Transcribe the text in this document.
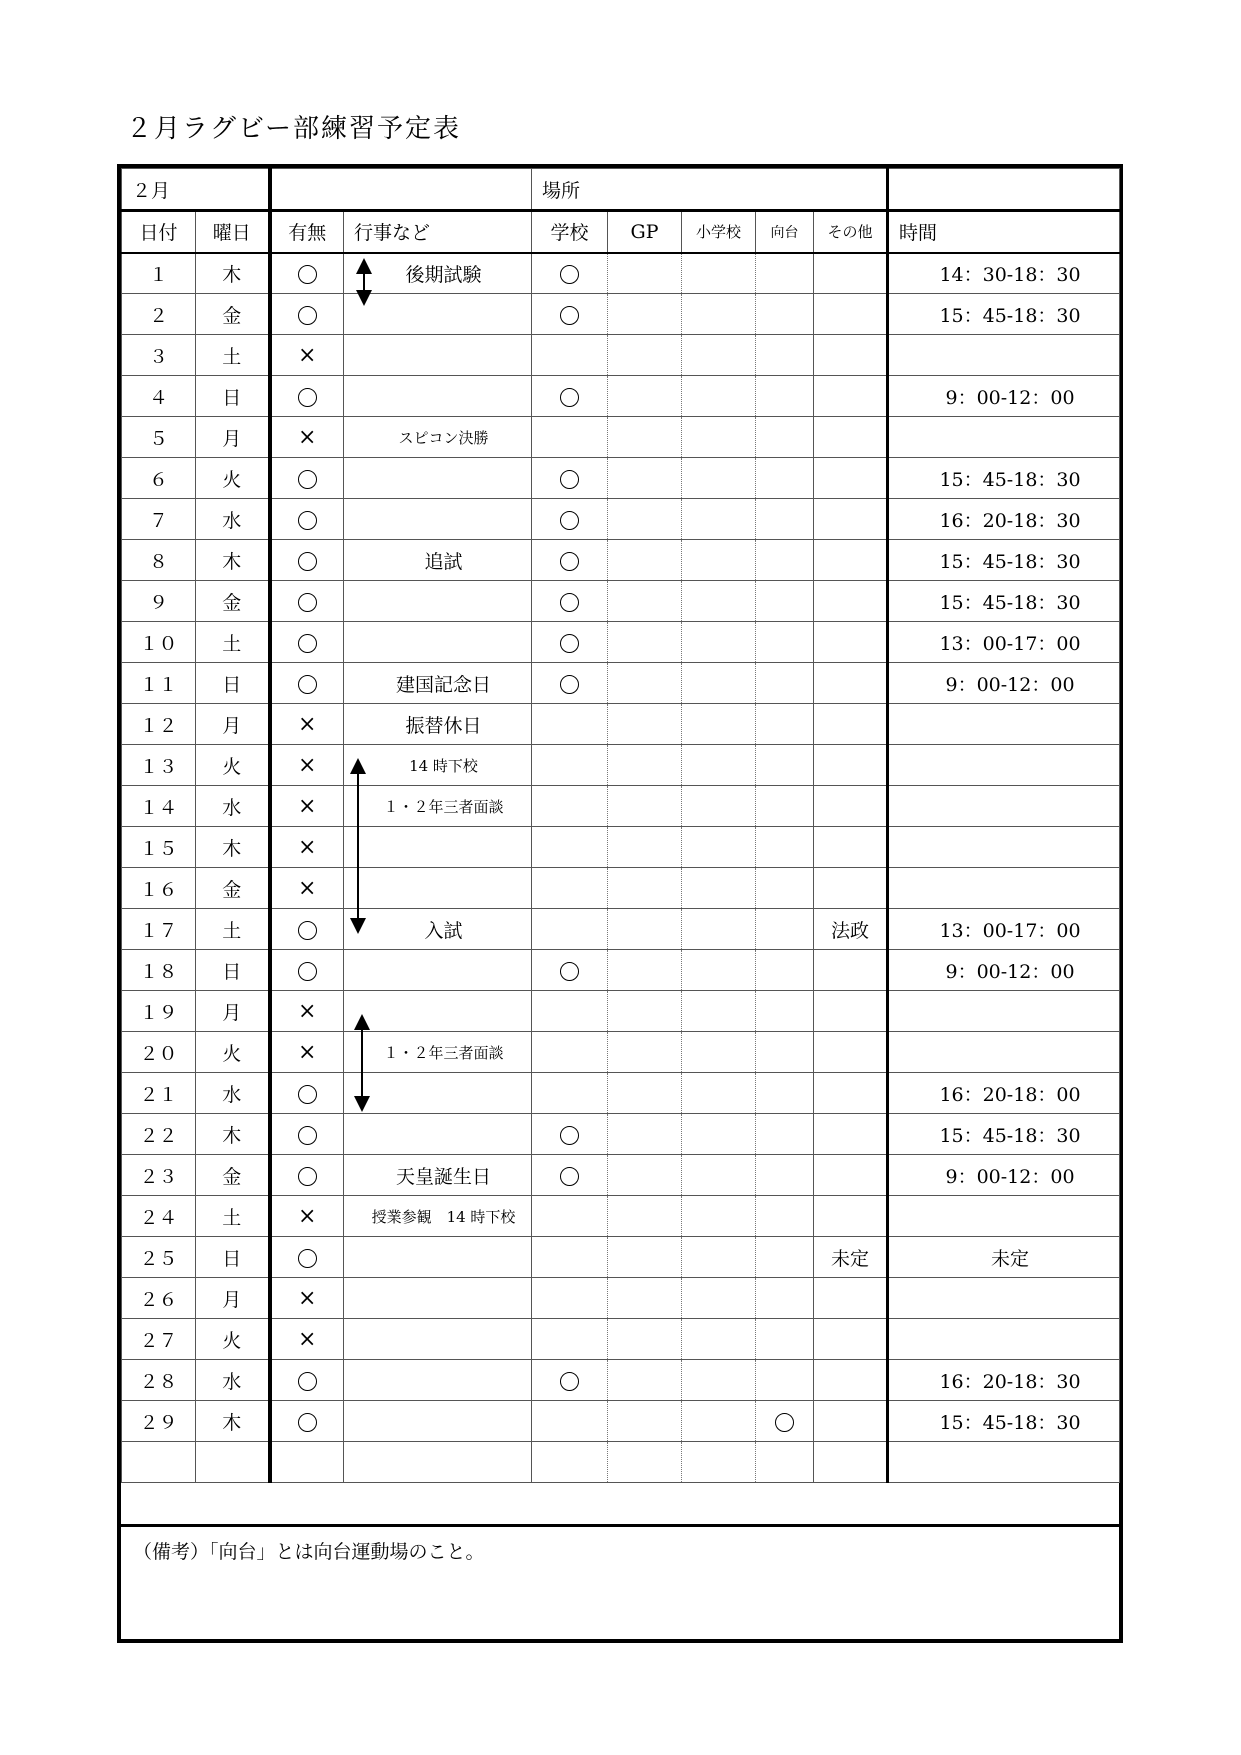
２月ラグビー部練習予定表
２月				場所					
日付	曜日	有無	行事など	学校	GP	小学校	向台	その他	時間
１	木		後期試験						14：30-18：30
２	金								15：45-18：30
３	土	×							
４	日								9：00-12：00
５	月	×	スピコン決勝						
６	火								15：45-18：30
７	水								16：20-18：30
８	木		追試						15：45-18：30
９	金								15：45-18：30
１０	土								13：00-17：00
１１	日		建国記念日						9：00-12：00
１２	月	×	振替休日						
１３	火	×	14 時下校						
１４	水	×	１・２年三者面談						
１５	木	×							
１６	金	×							
１７	土		入試					法政	13：00-17：00
１８	日								9：00-12：00
１９	月	×							
２０	火	×	１・２年三者面談						
２１	水								16：20-18：00
２２	木								15：45-18：30
２３	金		天皇誕生日						9：00-12：00
２４	土	×	授業参観　14 時下校						
２５	日							未定	未定
２６	月	×							
２７	火	×							
２８	水								16：20-18：30
２９	木								15：45-18：30

（備考）「向台」とは向台運動場のこと。
